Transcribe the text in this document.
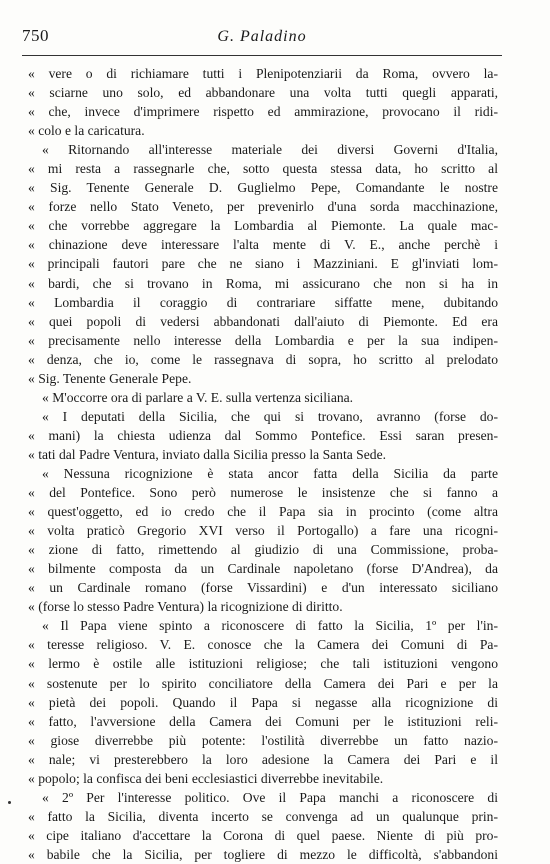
750	G. Paladino
« vere o di richiamare tutti i Plenipotenziarii da Roma, ovvero la-
« sciarne uno solo, ed abbandonare una volta tutti quegli apparati,
« che, invece d'imprimere rispetto ed ammirazione, provocano il ridi-
« colo e la caricatura.
« Ritornando all'interesse materiale dei diversi Governi d'Italia,
« mi resta a rassegnarle che, sotto questa stessa data, ho scritto al
« Sig. Tenente Generale D. Guglielmo Pepe, Comandante le nostre
« forze nello Stato Veneto, per prevenirlo d'una sorda macchinazione,
« che vorrebbe aggregare la Lombardia al Piemonte. La quale mac-
« chinazione deve interessare l'alta mente di V. E., anche perchè i
« principali fautori pare che ne siano i Mazziniani. E gl'inviati lom-
« bardi, che si trovano in Roma, mi assicurano che non si ha in
« Lombardia il coraggio di contrariare siffatte mene, dubitando
« quei popoli di vedersi abbandonati dall'aiuto di Piemonte. Ed era
« precisamente nello interesse della Lombardia e per la sua indipen-
« denza, che io, come le rassegnava di sopra, ho scritto al prelodato
« Sig. Tenente Generale Pepe.
« M'occorre ora di parlare a V. E. sulla vertenza siciliana.
« I deputati della Sicilia, che qui si trovano, avranno (forse do-
« mani) la chiesta udienza dal Sommo Pontefice. Essi saran presen-
« tati dal Padre Ventura, inviato dalla Sicilia presso la Santa Sede.
« Nessuna ricognizione è stata ancor fatta della Sicilia da parte
« del Pontefice. Sono però numerose le insistenze che si fanno a
« quest'oggetto, ed io credo che il Papa sia in procinto (come altra
« volta praticò Gregorio XVI verso il Portogallo) a fare una ricogni-
« zione di fatto, rimettendo al giudizio di una Commissione, proba-
« bilmente composta da un Cardinale napoletano (forse D'Andrea), da
« un Cardinale romano (forse Vissardini) e d'un interessato siciliano
« (forse lo stesso Padre Ventura) la ricognizione di diritto.
« Il Papa viene spinto a riconoscere di fatto la Sicilia, 1º per l'in-
« teresse religioso. V. E. conosce che la Camera dei Comuni di Pa-
« lermo è ostile alle istituzioni religiose; che tali istituzioni vengono
« sostenute per lo spirito conciliatore della Camera dei Pari e per la
« pietà dei popoli. Quando il Papa si negasse alla ricognizione di
« fatto, l'avversione della Camera dei Comuni per le istituzioni reli-
« giose diverrebbe più potente: l'ostilità diverrebbe un fatto nazio-
« nale; vi presterebbero la loro adesione la Camera dei Pari e il
« popolo; la confisca dei beni ecclesiastici diverrebbe inevitabile.
« 2º Per l'interesse politico. Ove il Papa manchi a riconoscere di
« fatto la Sicilia, diventa incerto se convenga ad un qualunque prin-
« cipe italiano d'accettare la Corona di quel paese. Niente di più pro-
« babile che la Sicilia, per togliere di mezzo le difficoltà, s'abbandoni
